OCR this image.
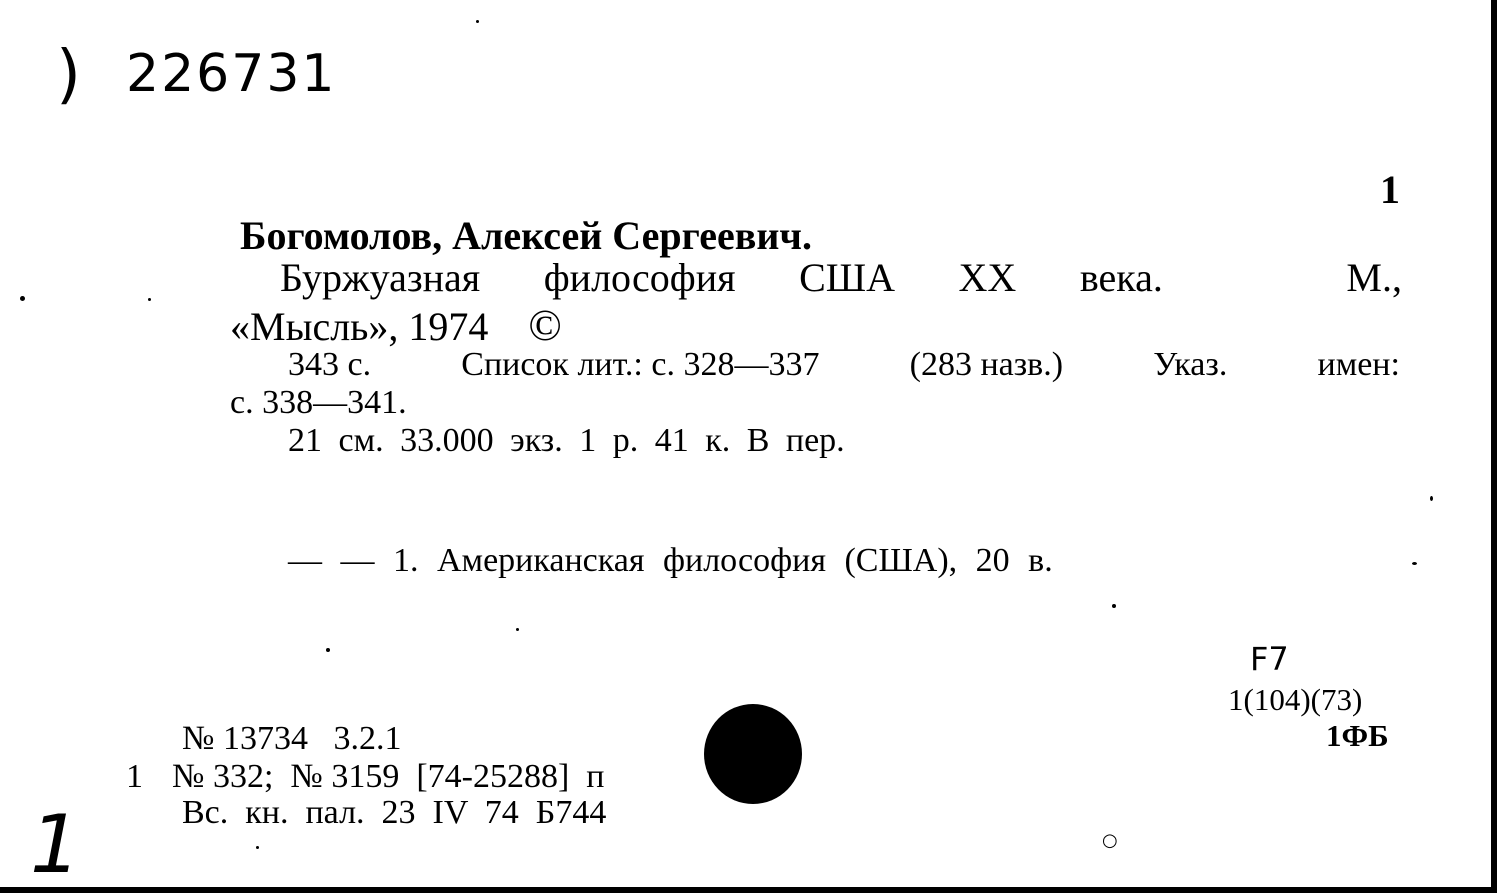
) 226731
1
Богомолов, Алексей Сергеевич.
Буржуазная философия США XX века.	М.,
«Мысль», 1974 ©
343 с.	Список лит.: с. 328—337	(283 назв.)	Указ.	имен:
с. 338—341.
21 см. 33.000 экз. 1 р. 41 к. В пер.
— — 1. Американская философия (США), 20 в.
F7
1(104)(73)
1ФБ
№ 13734   3.2.1
1 № 332;  № 3159  [74-25288]  п
Вс.  кн.  пал.  23  IV  74  Б744
1	○
